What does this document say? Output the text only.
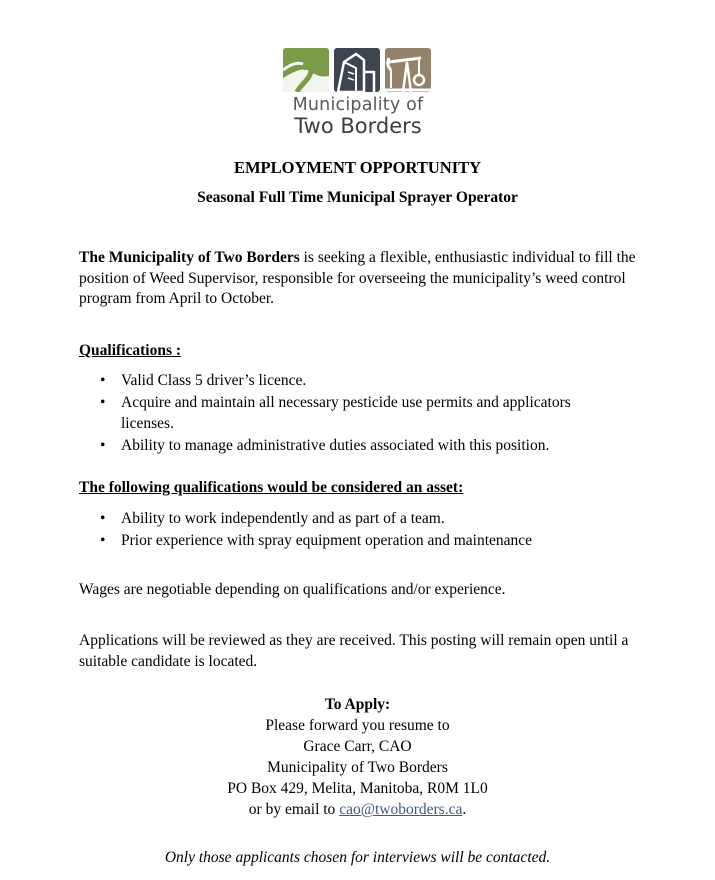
Municipality of
Two Borders
EMPLOYMENT OPPORTUNITY
Seasonal Full Time Municipal Sprayer Operator
The Municipality of Two Borders is seeking a flexible, enthusiastic individual to fill the position of Weed Supervisor, responsible for overseeing the municipality’s weed control program from April to October.
Qualifications :
• Valid Class 5 driver’s licence.
• Acquire and maintain all necessary pesticide use permits and applicators licenses.
• Ability to manage administrative duties associated with this position.
The following qualifications would be considered an asset:
• Ability to work independently and as part of a team.
• Prior experience with spray equipment operation and maintenance
Wages are negotiable depending on qualifications and/or experience.
Applications will be reviewed as they are received. This posting will remain open until a suitable candidate is located.
To Apply:
Please forward you resume to
Grace Carr, CAO
Municipality of Two Borders
PO Box 429, Melita, Manitoba, R0M 1L0
or by email to cao@twoborders.ca.
Only those applicants chosen for interviews will be contacted.
